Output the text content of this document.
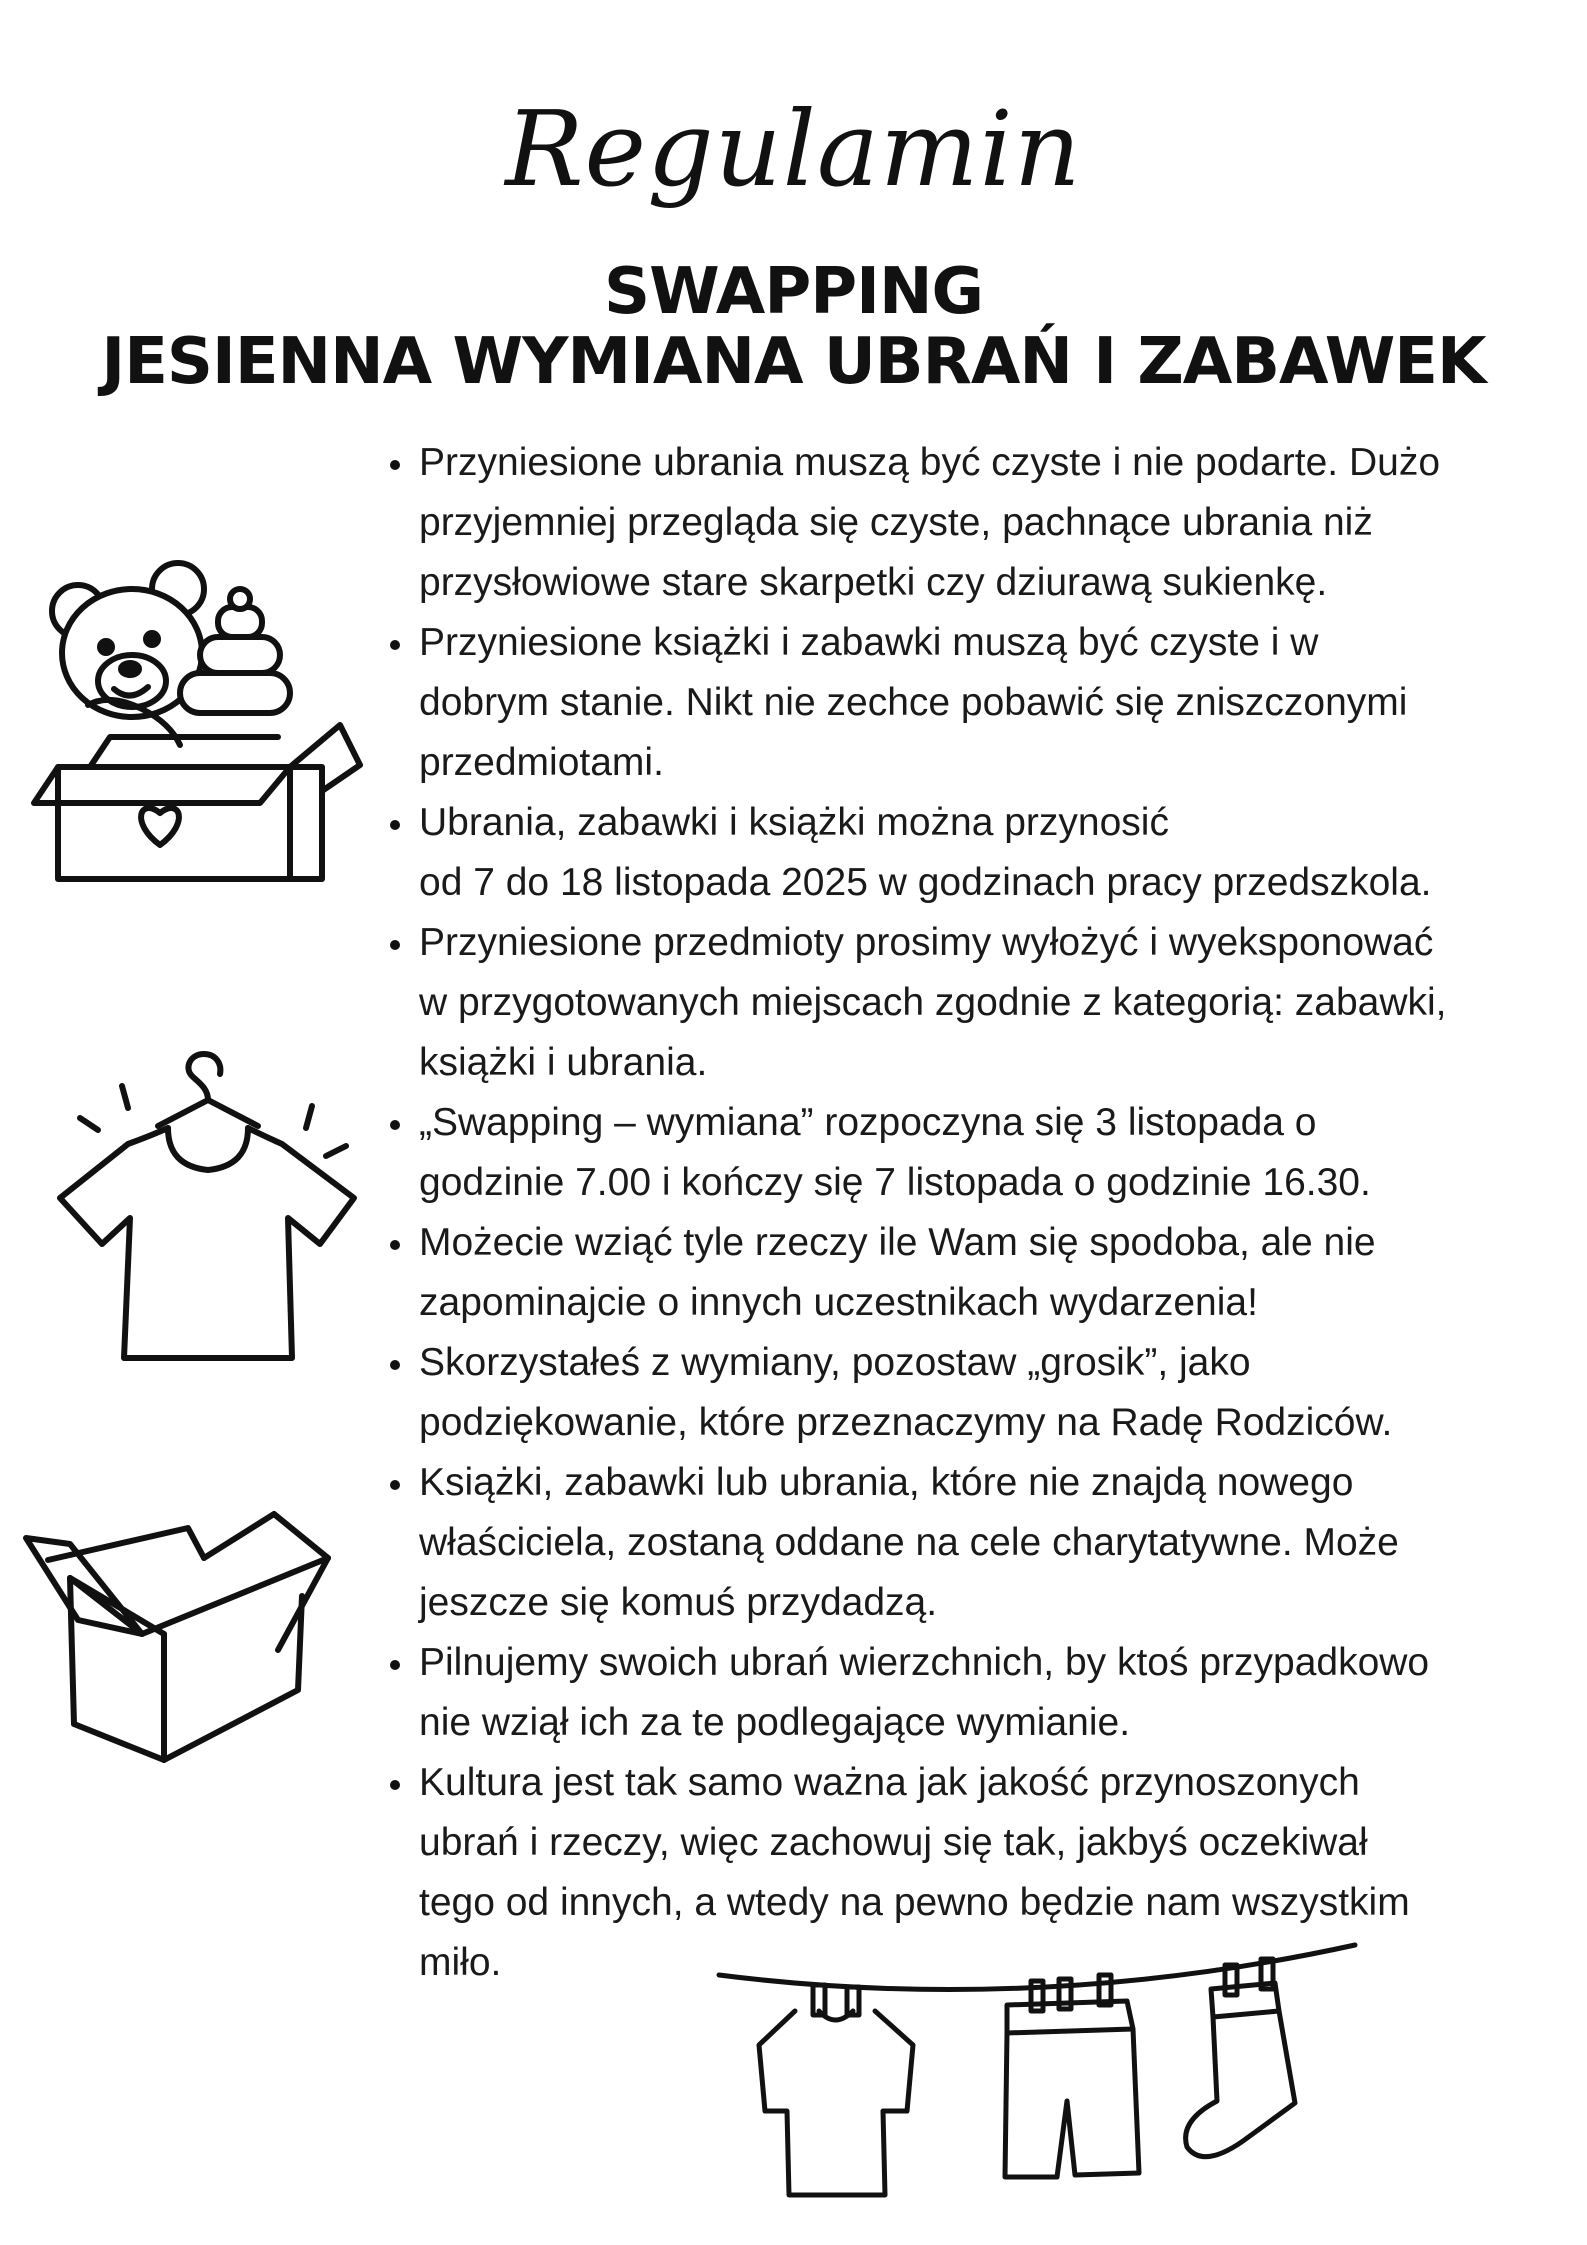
Regulamin
SWAPPING
JESIENNA WYMIANA UBRAŃ I ZABAWEK
Przyniesione ubrania muszą być czyste i nie podarte. Dużo
przyjemniej przegląda się czyste, pachnące ubrania niż
przysłowiowe stare skarpetki czy dziurawą sukienkę.
Przyniesione książki i zabawki muszą być czyste i w
dobrym stanie. Nikt nie zechce pobawić się zniszczonymi
przedmiotami.
Ubrania, zabawki i książki można przynosić
od 7 do 18 listopada 2025 w godzinach pracy przedszkola.
Przyniesione przedmioty prosimy wyłożyć i wyeksponować
w przygotowanych miejscach zgodnie z kategorią: zabawki,
książki i ubrania.
„Swapping – wymiana” rozpoczyna się 3 listopada o
godzinie 7.00 i kończy się 7 listopada o godzinie 16.30.
Możecie wziąć tyle rzeczy ile Wam się spodoba, ale nie
zapominajcie o innych uczestnikach wydarzenia!
Skorzystałeś z wymiany, pozostaw „grosik”, jako
podziękowanie, które przeznaczymy na Radę Rodziców.
Książki, zabawki lub ubrania, które nie znajdą nowego
właściciela, zostaną oddane na cele charytatywne. Może
jeszcze się komuś przydadzą.
Pilnujemy swoich ubrań wierzchnich, by ktoś przypadkowo
nie wziął ich za te podlegające wymianie.
Kultura jest tak samo ważna jak jakość przynoszonych
ubrań i rzeczy, więc zachowuj się tak, jakbyś oczekiwał
tego od innych, a wtedy na pewno będzie nam wszystkim
miło.
